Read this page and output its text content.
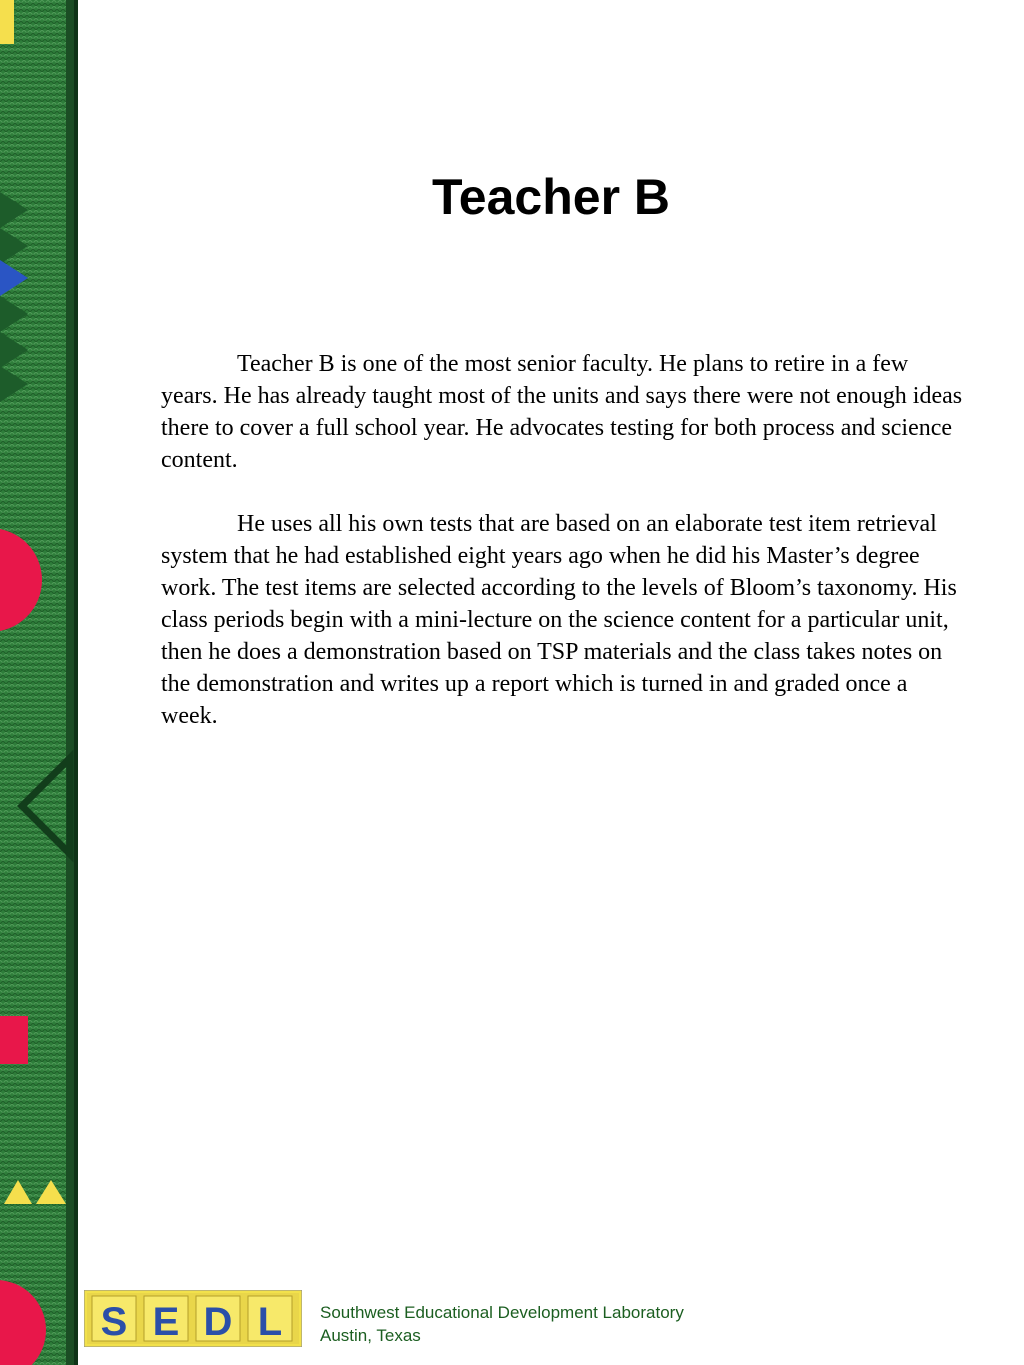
Teacher B

Teacher B is one of the most senior faculty. He plans to retire in a few years. He has already taught most of the units and says there were not enough ideas there to cover a full school year. He advocates testing for both process and science content.

He uses all his own tests that are based on an elaborate test item retrieval system that he had established eight years ago when he did his Master’s degree work. The test items are selected according to the levels of Bloom’s taxonomy. His class periods begin with a mini-lecture on the science content for a particular unit, then he does a demonstration based on TSP materials and the class takes notes on the demonstration and writes up a report which is turned in and graded once a week.

S E D L Southwest Educational Development Laboratory
Austin, Texas
